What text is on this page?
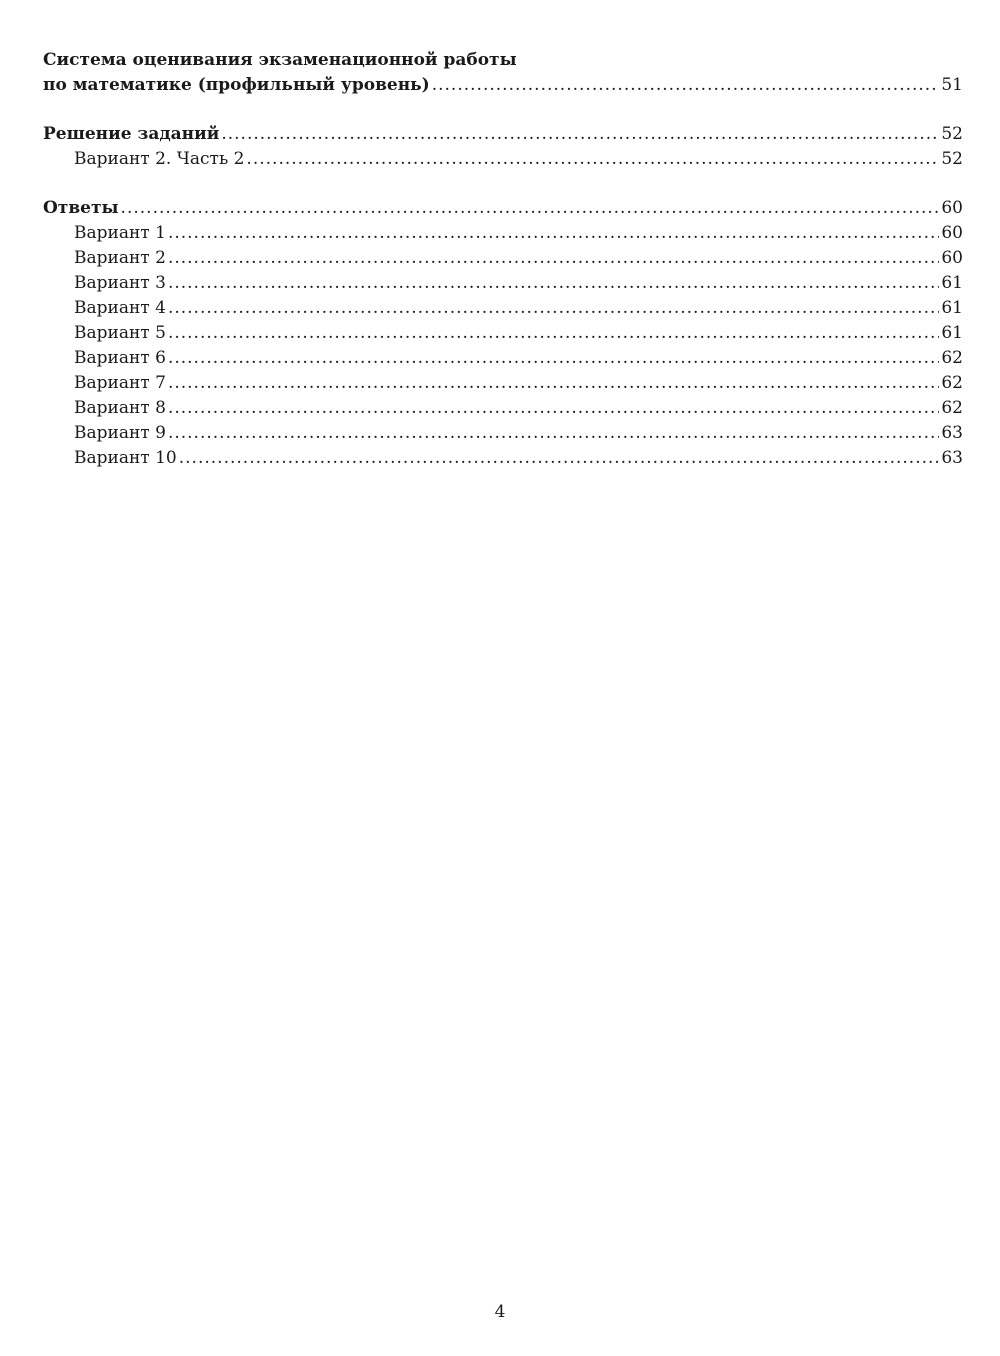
Система оценивания экзаменационной работы
по математике (профильный уровень) .....	51
Решение заданий .....	52
Вариант 2. Часть 2 .....	52
Ответы .....	60
Вариант 1 .....	60
Вариант 2 .....	60
Вариант 3 .....	61
Вариант 4 .....	61
Вариант 5 .....	61
Вариант 6 .....	62
Вариант 7 .....	62
Вариант 8 .....	62
Вариант 9 .....	63
Вариант 10 .....	63
4
